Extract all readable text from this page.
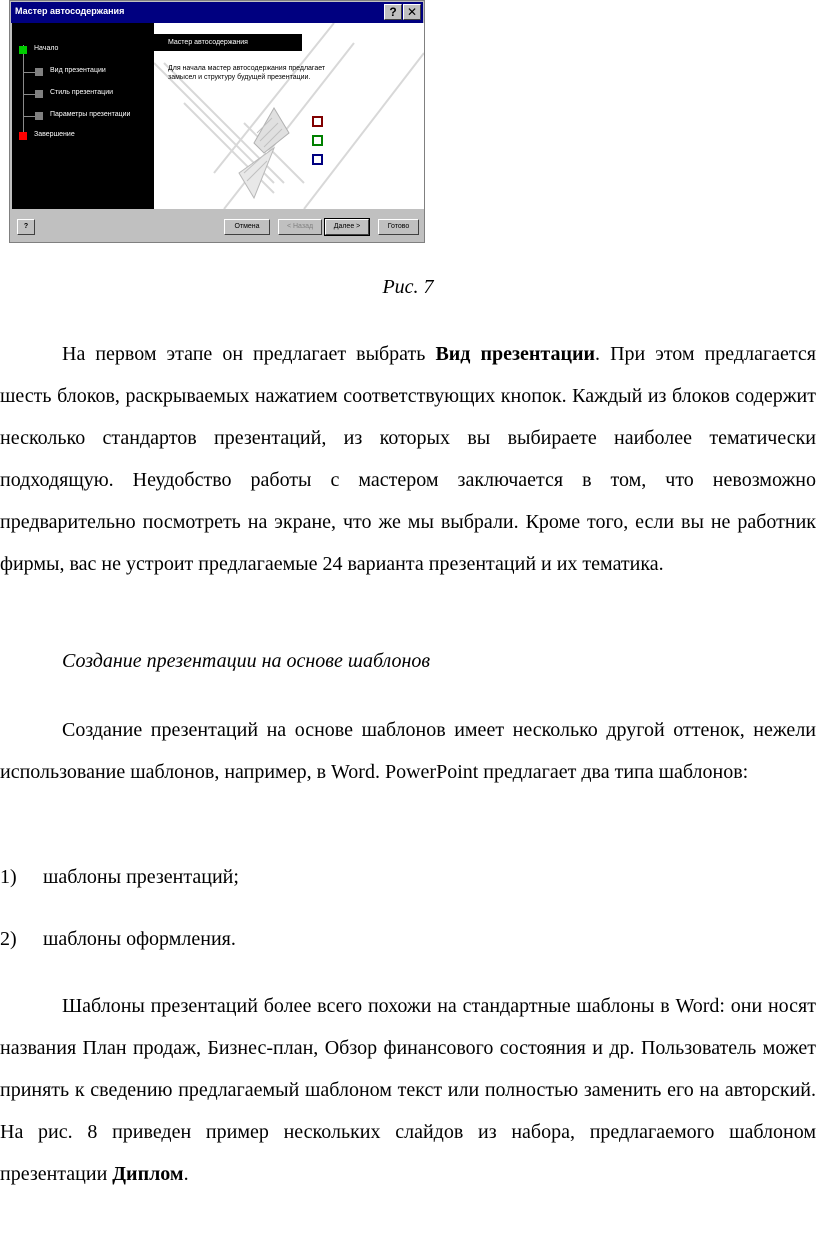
Мастер автосодержания	? ✕
Начало
Вид презентации
Стиль презентации
Параметры презентации
Завершение
Мастер автосодержания
Для начала мастер автосодержания предлагает замысел и структуру будущей презентации.
?	Отмена	< Назад	Далее >	Готово
Рис. 7

На первом этапе он предлагает выбрать Вид презентации. При этом предлагается шесть блоков, раскрываемых нажатием соответствующих кнопок. Каждый из блоков содержит несколько стандартов презентаций, из которых вы выбираете наиболее тематически подходящую. Неудобство работы с мастером заключается в том, что невозможно предварительно посмотреть на экране, что же мы выбрали. Кроме того, если вы не работник фирмы, вас не устроит предлагаемые 24 варианта презентаций и их тематика.

Создание презентации на основе шаблонов

Создание презентаций на основе шаблонов имеет несколько другой оттенок, нежели использование шаблонов, например, в Word. PowerPoint предлагает два типа шаблонов:

1) шаблоны презентаций;
2) шаблоны оформления.

Шаблоны презентаций более всего похожи на стандартные шаблоны в Word: они носят названия План продаж, Бизнес-план, Обзор финансового состояния и др. Пользователь может принять к сведению предлагаемый шаблоном текст или полностью заменить его на авторский. На рис. 8 приведен пример нескольких слайдов из набора, предлагаемого шаблоном презентации Диплом.
